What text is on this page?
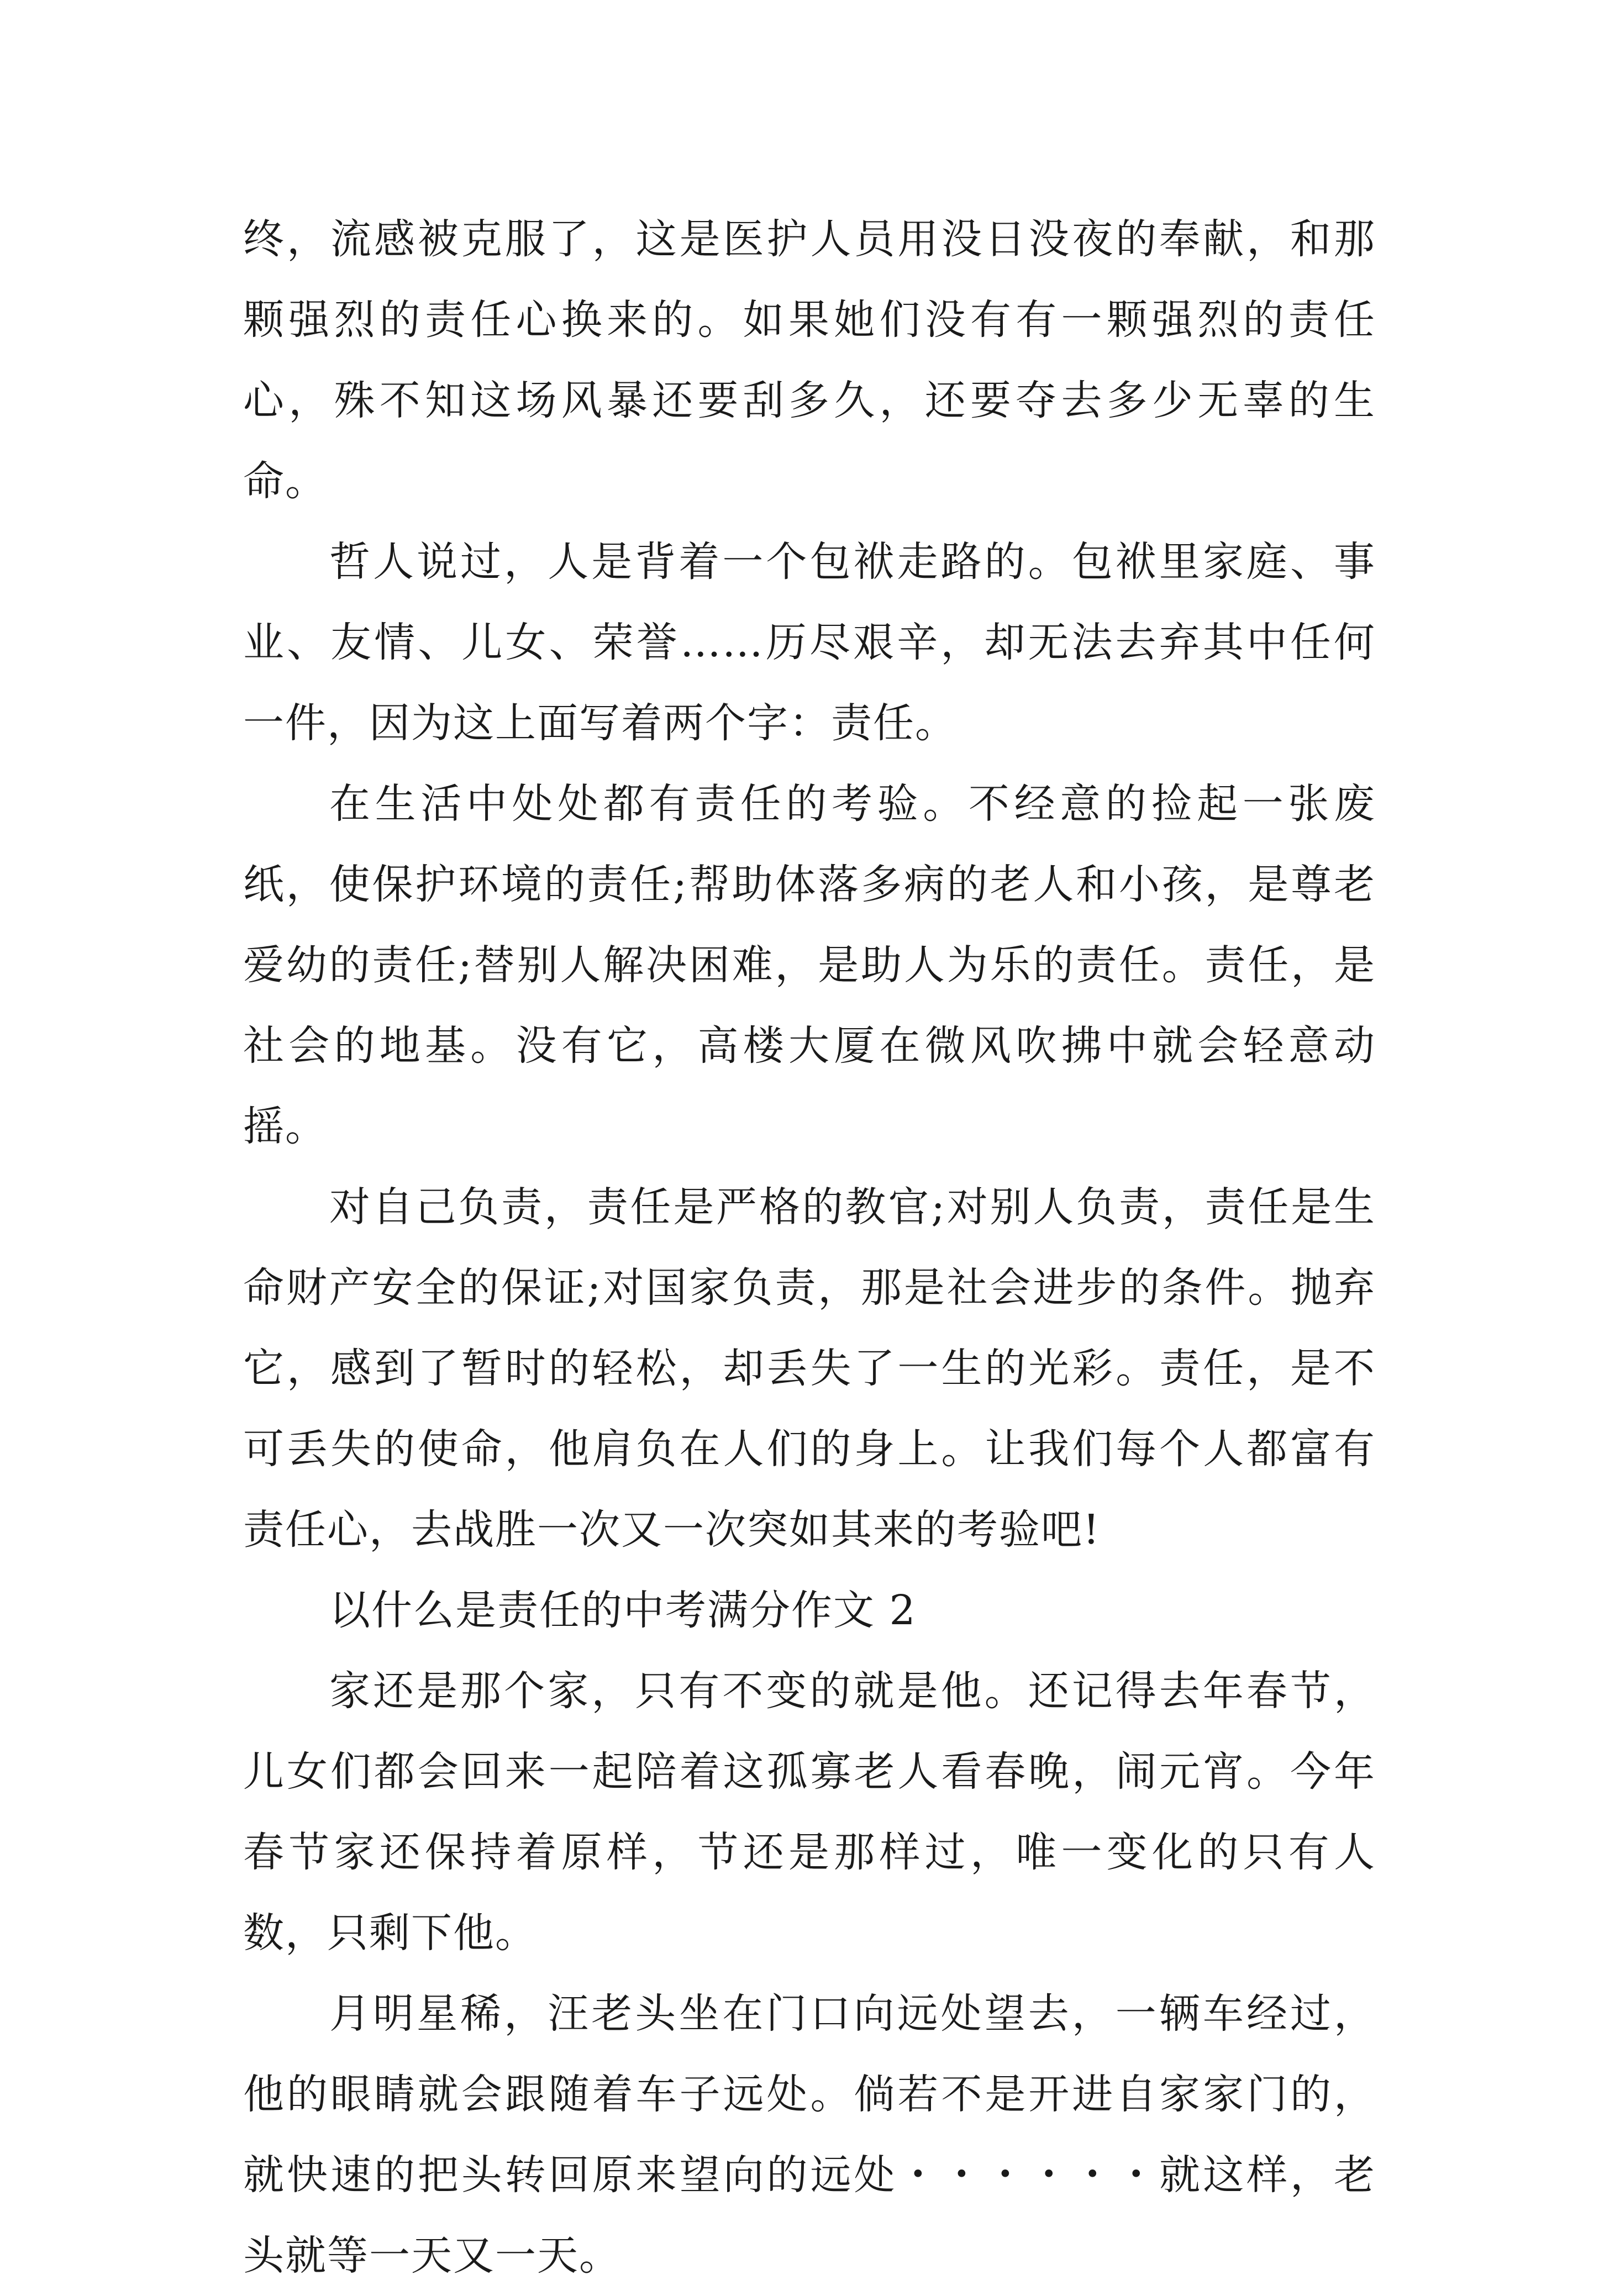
终，流感被克服了，这是医护人员用没日没夜的奉献，和那颗强烈的责任心换来的。如果她们没有有一颗强烈的责任心，殊不知这场风暴还要刮多久，还要夺去多少无辜的生命。

哲人说过，人是背着一个包袱走路的。包袱里家庭、事业、友情、儿女、荣誉……历尽艰辛，却无法去弃其中任何一件，因为这上面写着两个字：责任。

在生活中处处都有责任的考验。不经意的捡起一张废纸，使保护环境的责任;帮助体落多病的老人和小孩，是尊老爱幼的责任;替别人解决困难，是助人为乐的责任。责任，是社会的地基。没有它，高楼大厦在微风吹拂中就会轻意动摇。

对自己负责，责任是严格的教官;对别人负责，责任是生命财产安全的保证;对国家负责，那是社会进步的条件。抛弃它，感到了暂时的轻松，却丢失了一生的光彩。责任，是不可丢失的使命，他肩负在人们的身上。让我们每个人都富有责任心，去战胜一次又一次突如其来的考验吧!

以什么是责任的中考满分作文 2

家还是那个家，只有不变的就是他。还记得去年春节，儿女们都会回来一起陪着这孤寡老人看春晚，闹元宵。今年春节家还保持着原样，节还是那样过，唯一变化的只有人数，只剩下他。

月明星稀，汪老头坐在门口向远处望去，一辆车经过，他的眼睛就会跟随着车子远处。倘若不是开进自家家门的，就快速的把头转回原来望向的远处・・・・・・就这样，老头就等一天又一天。
